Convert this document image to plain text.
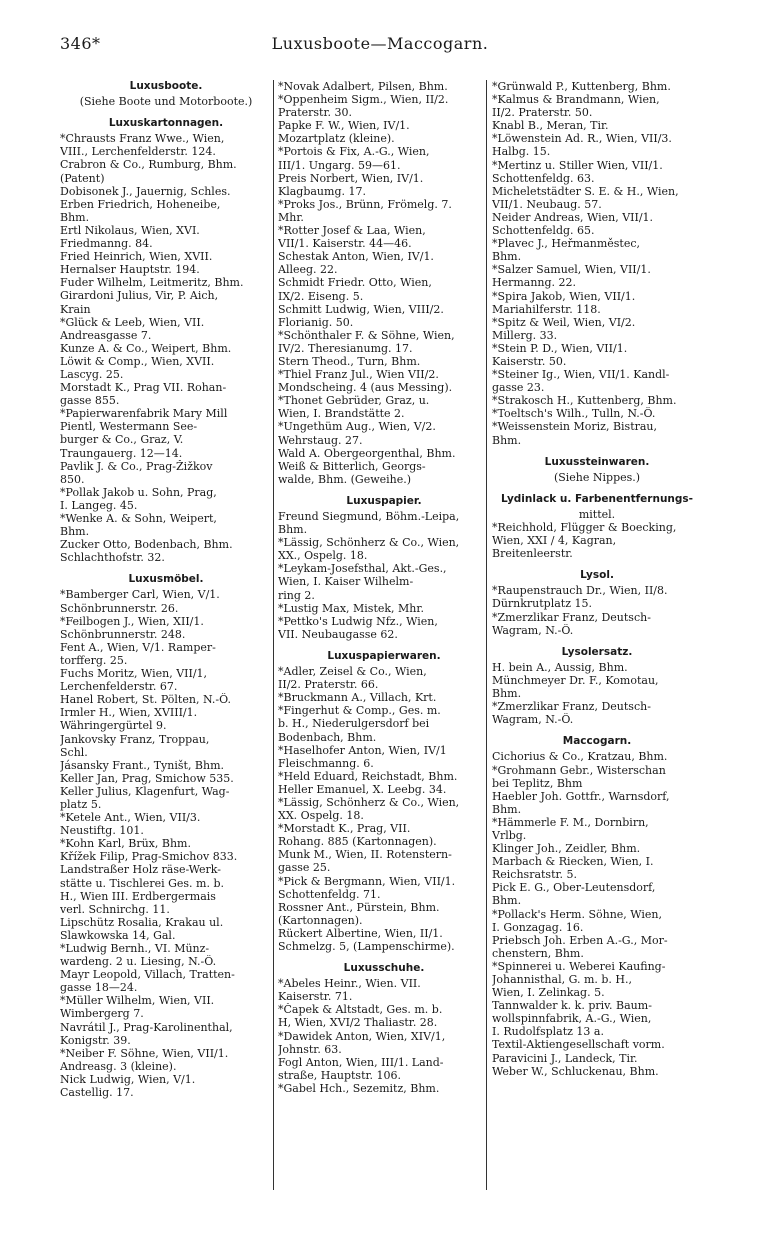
346*	Luxusboote—Maccogarn.
Luxusboote.
(Siehe Boote und Motorboote.)
Luxuskartonnagen.
*Chrausts Franz Wwe., Wien,
VIII., Lerchenfelderstr. 124.
Crabron & Co., Rumburg, Bhm.
(Patent)
Dobisonek J., Jauernig, Schles.
Erben Friedrich, Hoheneibe,
Bhm.
Ertl Nikolaus, Wien, XVI.
Friedmanng. 84.
Fried Heinrich, Wien, XVII.
Hernalser Hauptstr. 194.
Fuder Wilhelm, Leitmeritz, Bhm.
Girardoni Julius, Vir, P. Aich,
Krain
*Glück & Leeb, Wien, VII.
Andreasgasse 7.
Kunze A. & Co., Weipert, Bhm.
Löwit & Comp., Wien, XVII.
Lascyg. 25.
Morstadt K., Prag VII. Rohan-
gasse 855.
*Papierwarenfabrik Mary Mill
Pientl, Westermann See-
burger & Co., Graz, V.
Traungauerg. 12—14.
Pavlik J. & Co., Prag-Žižkov
850.
*Pollak Jakob u. Sohn, Prag,
I. Langeg. 45.
*Wenke A. & Sohn, Weipert,
Bhm.
Zucker Otto, Bodenbach, Bhm.
Schlachthofstr. 32.
Luxusmöbel.
*Bamberger Carl, Wien, V/1.
Schönbrunnerstr. 26.
*Feilbogen J., Wien, XII/1.
Schönbrunnerstr. 248.
Fent A., Wien, V/1. Ramper-
torfferg. 25.
Fuchs Moritz, Wien, VII/1,
Lerchenfelderstr. 67.
Hanel Robert, St. Pölten, N.-Ö.
Irmler H., Wien, XVIII/1.
Währingergürtel 9.
Jankovsky Franz, Troppau,
Schl.
Jásansky Frant., Tyništ, Bhm.
Keller Jan, Prag, Smichow 535.
Keller Julius, Klagenfurt, Wag-
platz 5.
*Ketele Ant., Wien, VII/3.
Neustiftg. 101.
*Kohn Karl, Brüx, Bhm.
Křížek Filip, Prag-Smichov 833.
Landstraßer Holz räse-Werk-
stätte u. Tischlerei Ges. m. b.
H., Wien III. Erdbergermais
verl. Schnirchg. 11.
Lipschütz Rosalia, Krakau ul.
Slawkowska 14, Gal.
*Ludwig Bernh., VI. Münz-
wardeng. 2 u. Liesing, N.-Ö.
Mayr Leopold, Villach, Tratten-
gasse 18—24.
*Müller Wilhelm, Wien, VII.
Wimbergerg 7.
Navrátil J., Prag-Karolinenthal,
Konigstr. 39.
*Neiber F. Söhne, Wien, VII/1.
Andreasg. 3 (kleine).
Nick Ludwig, Wien, V/1.
Castellig. 17.
*Novak Adalbert, Pilsen, Bhm.
*Oppenheim Sigm., Wien, II/2.
Praterstr. 30.
Papke F. W., Wien, IV/1.
Mozartplatz (kleine).
*Portois & Fix, A.-G., Wien,
III/1. Ungarg. 59—61.
Preis Norbert, Wien, IV/1.
Klagbaumg. 17.
*Proks Jos., Brünn, Frömelg. 7.
Mhr.
*Rotter Josef & Laa, Wien,
VII/1. Kaiserstr. 44—46.
Schestak Anton, Wien, IV/1.
Alleeg. 22.
Schmidt Friedr. Otto, Wien,
IX/2. Eiseng. 5.
Schmitt Ludwig, Wien, VIII/2.
Florianig. 50.
*Schönthaler F. & Söhne, Wien,
IV/2. Theresianumg. 17.
Stern Theod., Turn, Bhm.
*Thiel Franz Jul., Wien VII/2.
Mondscheing. 4 (aus Messing).
*Thonet Gebrüder, Graz, u.
Wien, I. Brandstätte 2.
*Ungethüm Aug., Wien, V/2.
Wehrstaug. 27.
Wald A. Obergeorgenthal, Bhm.
Weiß & Bitterlich, Georgs-
walde, Bhm. (Geweihe.)
Luxuspapier.
Freund Siegmund, Böhm.-Leipa,
Bhm.
*Lässig, Schönherz & Co., Wien,
XX., Ospelg. 18.
*Leykam-Josefsthal, Akt.-Ges.,
Wien, I. Kaiser Wilhelm-
ring 2.
*Lustig Max, Mistek, Mhr.
*Pettko's Ludwig Nfz., Wien,
VII. Neubaugasse 62.
Luxuspapierwaren.
*Adler, Zeisel & Co., Wien,
II/2. Praterstr. 66.
*Bruckmann A., Villach, Krt.
*Fingerhut & Comp., Ges. m.
b. H., Niederulgersdorf bei
Bodenbach, Bhm.
*Haselhofer Anton, Wien, IV/1
Fleischmanng. 6.
*Held Eduard, Reichstadt, Bhm.
Heller Emanuel, X. Leebg. 34.
*Lässig, Schönherz & Co., Wien,
XX. Ospelg. 18.
*Morstadt K., Prag, VII.
Rohang. 885 (Kartonnagen).
Munk M., Wien, II. Rotenstern-
gasse 25.
*Pick & Bergmann, Wien, VII/1.
Schottenfeldg. 71.
Rossner Ant., Pürstein, Bhm.
(Kartonnagen).
Rückert Albertine, Wien, II/1.
Schmelzg. 5, (Lampenschirme).
Luxusschuhe.
*Abeles Heinr., Wien. VII.
Kaiserstr. 71.
*Čapek & Altstadt, Ges. m. b.
H, Wien, XVI/2 Thaliastr. 28.
*Dawidek Anton, Wien, XIV/1,
Johnstr. 63.
Fogl Anton, Wien, III/1. Land-
straße, Hauptstr. 106.
*Gabel Hch., Sezemitz, Bhm.
*Grünwald P., Kuttenberg, Bhm.
*Kalmus & Brandmann, Wien,
II/2. Praterstr. 50.
Knabl B., Meran, Tir.
*Löwenstein Ad. R., Wien, VII/3.
Halbg. 15.
*Mertinz u. Stiller Wien, VII/1.
Schottenfeldg. 63.
Micheletstädter S. E. & H., Wien,
VII/1. Neubaug. 57.
Neider Andreas, Wien, VII/1.
Schottenfeldg. 65.
*Plavec J., Heřmanměstec,
Bhm.
*Salzer Samuel, Wien, VII/1.
Hermanng. 22.
*Spira Jakob, Wien, VII/1.
Mariahilferstr. 118.
*Spitz & Weil, Wien, VI/2.
Millerg. 33.
*Stein P. D., Wien, VII/1.
Kaiserstr. 50.
*Steiner Ig., Wien, VII/1. Kandl-
gasse 23.
*Strakosch H., Kuttenberg, Bhm.
*Toeltsch's Wilh., Tulln, N.-Ö.
*Weissenstein Moriz, Bistrau,
Bhm.
Luxussteinwaren.
(Siehe Nippes.)
Lydinlack u. Farbenentfernungs-
mittel.
*Reichhold, Flügger & Boecking,
Wien, XXI / 4, Kagran,
Breitenleerstr.
Lysol.
*Raupenstrauch Dr., Wien, II/8.
Dürnkrutplatz 15.
*Zmerzlikar Franz, Deutsch-
Wagram, N.-Ö.
Lysolersatz.
H. bein A., Aussig, Bhm.
Münchmeyer Dr. F., Komotau,
Bhm.
*Zmerzlikar Franz, Deutsch-
Wagram, N.-Ö.
Maccogarn.
Cichorius & Co., Kratzau, Bhm.
*Grohmann Gebr., Wisterschan
bei Teplitz, Bhm
Haebler Joh. Gottfr., Warnsdorf,
Bhm.
*Hämmerle F. M., Dornbirn,
Vrlbg.
Klinger Joh., Zeidler, Bhm.
Marbach & Riecken, Wien, I.
Reichsratstr. 5.
Pick E. G., Ober-Leutensdorf,
Bhm.
*Pollack's Herm. Söhne, Wien,
I. Gonzagag. 16.
Priebsch Joh. Erben A.-G., Mor-
chenstern, Bhm.
*Spinnerei u. Weberei Kaufing-
Johannisthal, G. m. b. H.,
Wien, I. Zelinkag. 5.
Tannwalder k. k. priv. Baum-
wollspinnfabrik, A.-G., Wien,
I. Rudolfsplatz 13 a.
Textil-Aktiengesellschaft vorm.
Paravicini J., Landeck, Tir.
Weber W., Schluckenau, Bhm.
